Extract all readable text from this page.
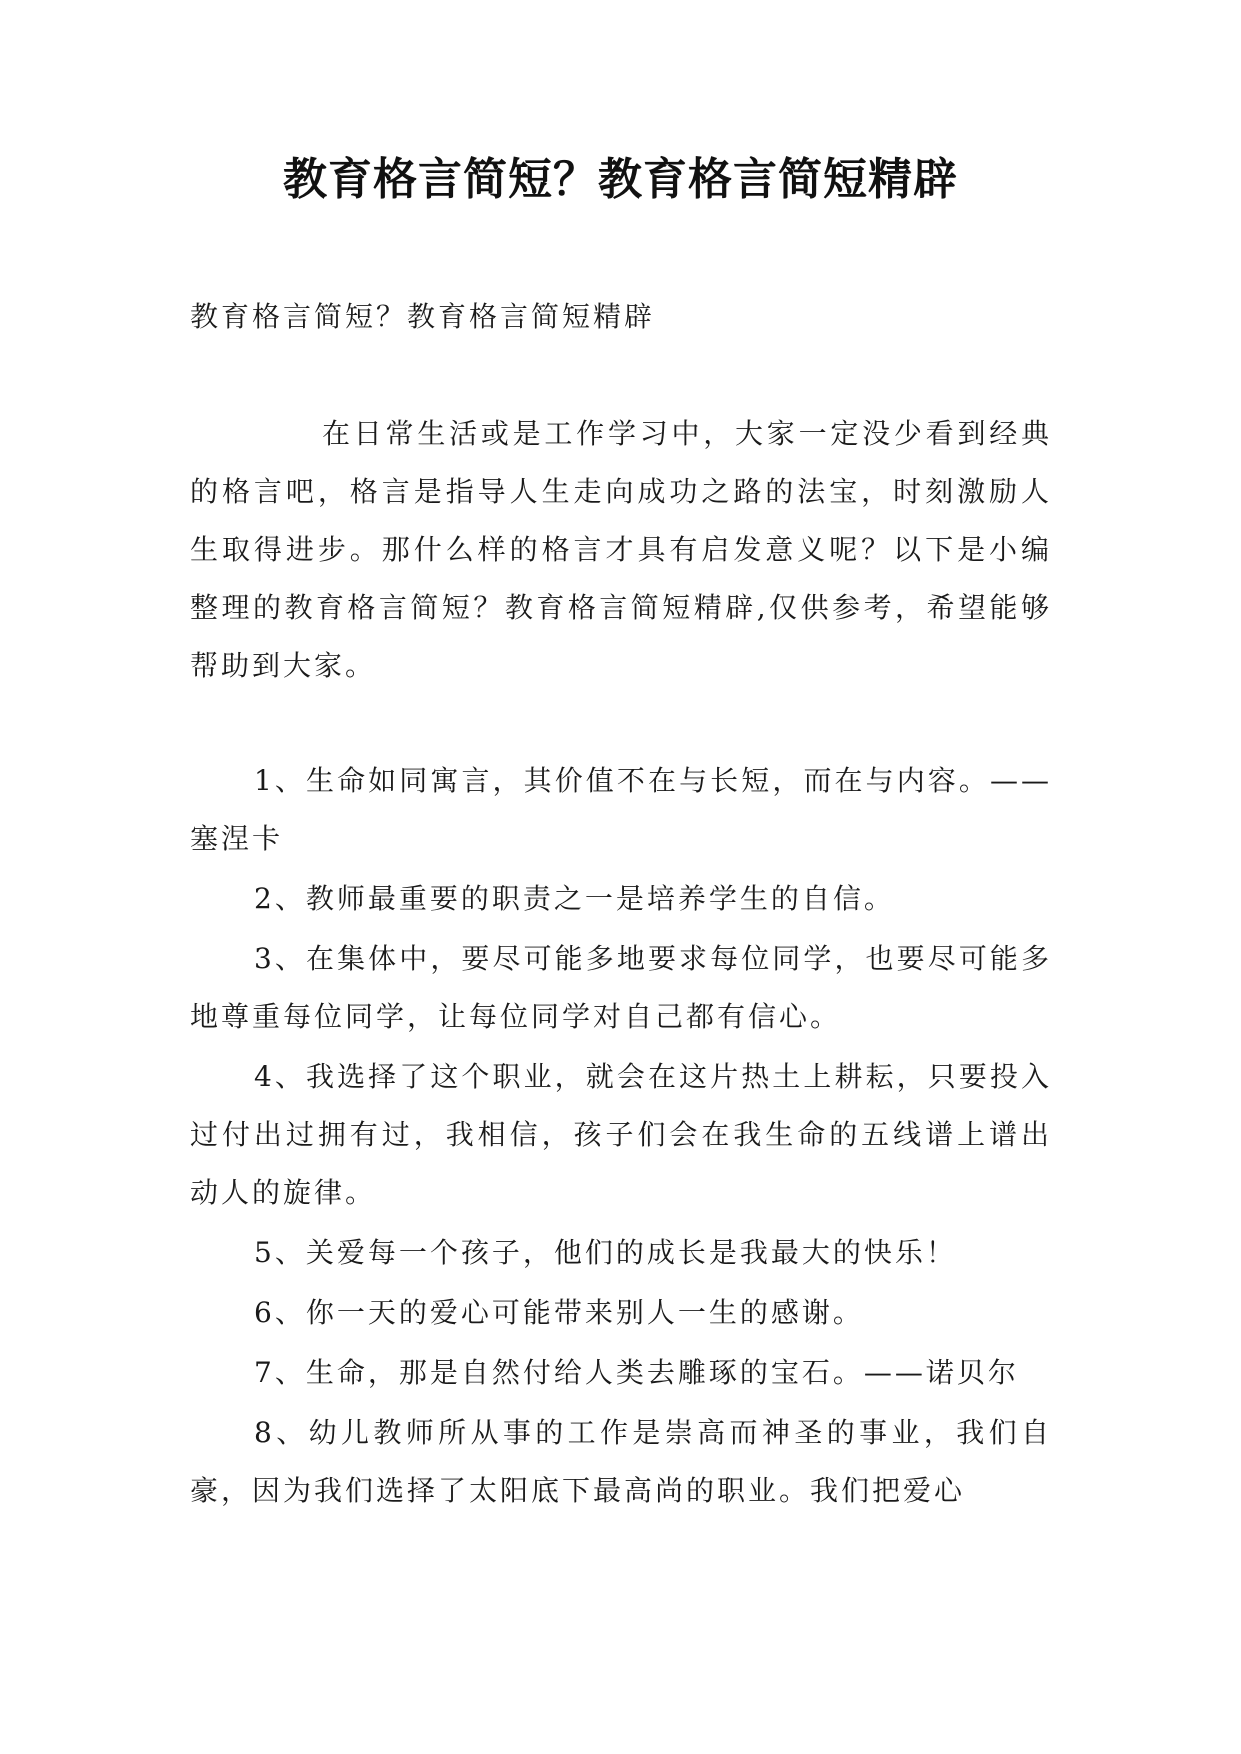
教育格言简短？教育格言简短精辟
教育格言简短？教育格言简短精辟
在日常生活或是工作学习中，大家一定没少看到经典的格言吧，格言是指导人生走向成功之路的法宝，时刻激励人生取得进步。那什么样的格言才具有启发意义呢？以下是小编整理的教育格言简短？教育格言简短精辟,仅供参考，希望能够帮助到大家。

1、生命如同寓言，其价值不在与长短，而在与内容。——塞涅卡

2、教师最重要的职责之一是培养学生的自信。

3、在集体中，要尽可能多地要求每位同学，也要尽可能多地尊重每位同学，让每位同学对自己都有信心。

4、我选择了这个职业，就会在这片热土上耕耘，只要投入过付出过拥有过，我相信，孩子们会在我生命的五线谱上谱出动人的旋律。

5、关爱每一个孩子，他们的成长是我最大的快乐！

6、你一天的爱心可能带来别人一生的感谢。

7、生命，那是自然付给人类去雕琢的宝石。——诺贝尔

8、幼儿教师所从事的工作是崇高而神圣的事业，我们自豪，因为我们选择了太阳底下最高尚的职业。我们把爱心
